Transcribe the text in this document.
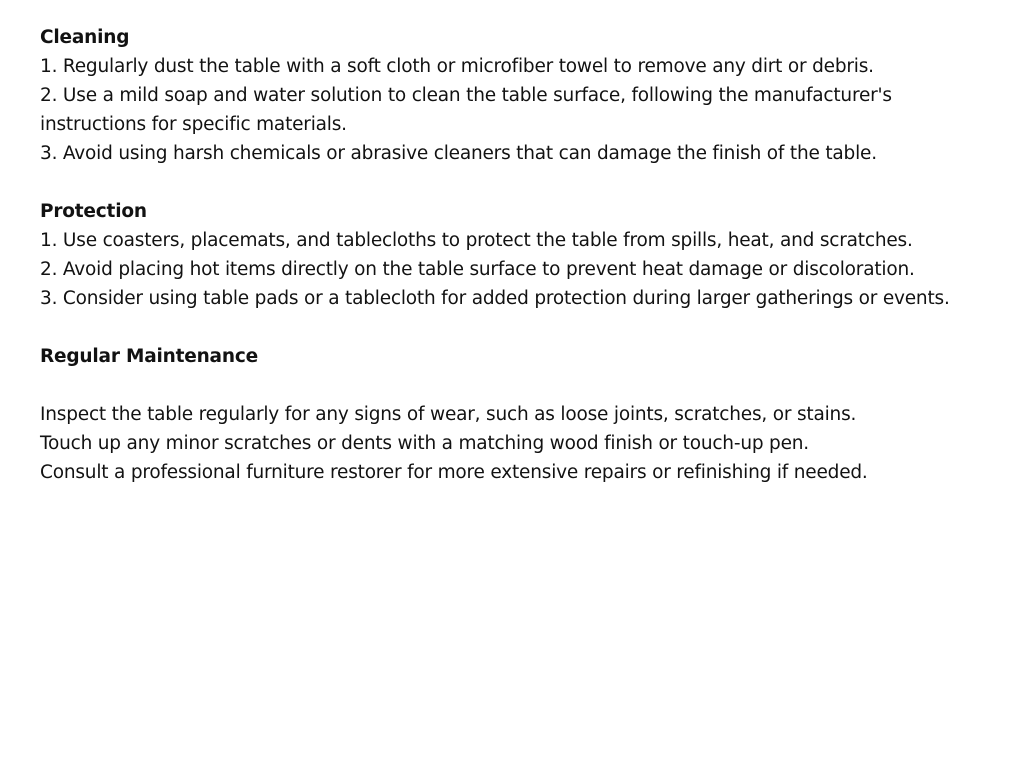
Cleaning

1. Regularly dust the table with a soft cloth or microfiber towel to remove any dirt or debris.

2. Use a mild soap and water solution to clean the table surface, following the manufacturer's instructions for specific materials.

3. Avoid using harsh chemicals or abrasive cleaners that can damage the finish of the table.

Protection

1. Use coasters, placemats, and tablecloths to protect the table from spills, heat, and scratches.

2. Avoid placing hot items directly on the table surface to prevent heat damage or discoloration.

3. Consider using table pads or a tablecloth for added protection during larger gatherings or events.

Regular Maintenance

Inspect the table regularly for any signs of wear, such as loose joints, scratches, or stains.

Touch up any minor scratches or dents with a matching wood finish or touch-up pen.

Consult a professional furniture restorer for more extensive repairs or refinishing if needed.
